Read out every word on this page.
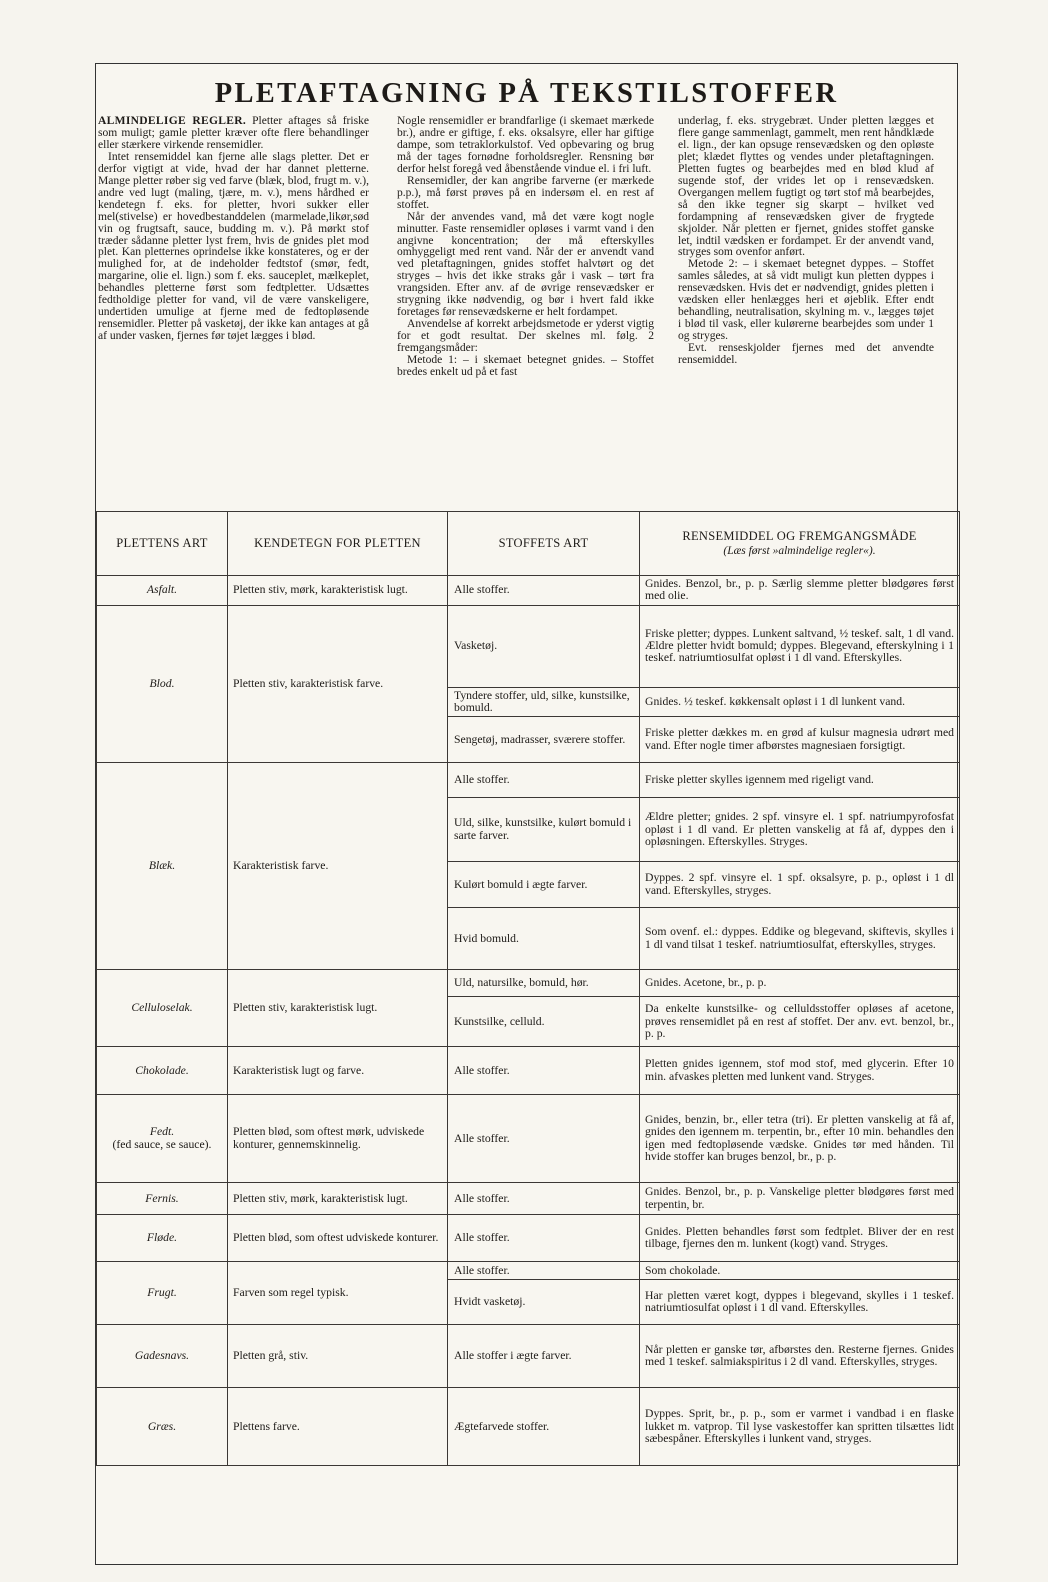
PLETAFTAGNING PÅ TEKSTILSTOFFER

ALMINDELIGE REGLER. Pletter aftages så friske som muligt; gamle pletter kræver ofte flere behandlinger eller stærkere virkende rensemidler.

Intet rensemiddel kan fjerne alle slags pletter. Det er derfor vigtigt at vide, hvad der har dannet pletterne. Mange pletter røber sig ved farve (blæk, blod, frugt m. v.), andre ved lugt (maling, tjære, m. v.), mens hårdhed er kendetegn f. eks. for pletter, hvori sukker eller mel(stivelse) er hovedbestanddelen (marmelade,likør,sød vin og frugtsaft, sauce, budding m. v.). På mørkt stof træder sådanne pletter lyst frem, hvis de gnides plet mod plet. Kan pletternes oprindelse ikke konstateres, og er der mulighed for, at de indeholder fedtstof (smør, fedt, margarine, olie el. lign.) som f. eks. sauceplet, mælkeplet, behandles pletterne først som fedtpletter. Udsættes fedtholdige pletter for vand, vil de være vanskeligere, undertiden umulige at fjerne med de fedtopløsende rensemidler. Pletter på vasketøj, der ikke kan antages at gå af under vasken, fjernes før tøjet lægges i blød.

Nogle rensemidler er brandfarlige (i skemaet mærkede br.), andre er giftige, f. eks. oksalsyre, eller har giftige dampe, som tetraklorkulstof. Ved opbevaring og brug må der tages fornødne forholdsregler. Rensning bør derfor helst foregå ved åbenstående vindue el. i fri luft.

Rensemidler, der kan angribe farverne (er mærkede p.p.), må først prøves på en indersøm el. en rest af stoffet.

Når der anvendes vand, må det være kogt nogle minutter. Faste rensemidler opløses i varmt vand i den angivne koncentration; der må efterskylles omhyggeligt med rent vand. Når der er anvendt vand ved pletaftagningen, gnides stoffet halvtørt og det stryges – hvis det ikke straks går i vask – tørt fra vrangsiden. Efter anv. af de øvrige rensevædsker er strygning ikke nødvendig, og bør i hvert fald ikke foretages før rensevædskerne er helt fordampet.

Anvendelse af korrekt arbejdsmetode er yderst vigtig for et godt resultat. Der skelnes ml. følg. 2 fremgangsmåder:

Metode 1: – i skemaet betegnet gnides. – Stoffet bredes enkelt ud på et fast

underlag, f. eks. strygebræt. Under pletten lægges et flere gange sammenlagt, gammelt, men rent håndklæde el. lign., der kan opsuge rensevædsken og den opløste plet; klædet flyttes og vendes under pletaftagningen. Pletten fugtes og bearbejdes med en blød klud af sugende stof, der vrides let op i rensevædsken. Overgangen mellem fugtigt og tørt stof må bearbejdes, så den ikke tegner sig skarpt – hvilket ved fordampning af rensevædsken giver de frygtede skjolder. Når pletten er fjernet, gnides stoffet ganske let, indtil vædsken er fordampet. Er der anvendt vand, stryges som ovenfor anført.

Metode 2: – i skemaet betegnet dyppes. – Stoffet samles således, at så vidt muligt kun pletten dyppes i rensevædsken. Hvis det er nødvendigt, gnides pletten i vædsken eller henlægges heri et øjeblik. Efter endt behandling, neutralisation, skylning m. v., lægges tøjet i blød til vask, eller kulørerne bearbejdes som under 1 og stryges.

Evt. renseskjolder fjernes med det anvendte rensemiddel.

PLETTENS ART	KENDETEGN FOR PLETTEN	STOFFETS ART	RENSEMIDDEL OG FREMGANGSMÅDE
(Læs først »almindelige regler«).

Asfalt.	Pletten stiv, mørk, karakteristisk lugt.	Alle stoffer.	Gnides. Benzol, br., p. p. Særlig slemme pletter blødgøres først med olie.
Blod.	Pletten stiv, karakteristisk farve.	Vasketøj.	Friske pletter; dyppes. Lunkent saltvand, ½ teskef. salt, 1 dl vand. Ældre pletter hvidt bomuld; dyppes. Blegevand, efterskylning i 1 teskef. natriumtiosulfat opløst i 1 dl vand. Efterskylles.
		Tyndere stoffer, uld, silke, kunstsilke, bomuld.	Gnides. ½ teskef. køkkensalt opløst i 1 dl lunkent vand.
		Sengetøj, madrasser, sværere stoffer.	Friske pletter dækkes m. en grød af kulsur magnesia udrørt med vand. Efter nogle timer afbørstes magnesiaen forsigtigt.
Blæk.	Karakteristisk farve.	Alle stoffer.	Friske pletter skylles igennem med rigeligt vand.
		Uld, silke, kunstsilke, kulørt bomuld i sarte farver.	Ældre pletter; gnides. 2 spf. vinsyre el. 1 spf. natriumpyrofosfat opløst i 1 dl vand. Er pletten vanskelig at få af, dyppes den i opløsningen. Efterskylles. Stryges.
		Kulørt bomuld i ægte farver.	Dyppes. 2 spf. vinsyre el. 1 spf. oksalsyre, p. p., opløst i 1 dl vand. Efterskylles, stryges.
		Hvid bomuld.	Som ovenf. el.: dyppes. Eddike og blegevand, skiftevis, skylles i 1 dl vand tilsat 1 teskef. natriumtiosulfat, efterskylles, stryges.
Celluloselak.	Pletten stiv, karakteristisk lugt.	Uld, natursilke, bomuld, hør.	Gnides. Acetone, br., p. p.
		Kunstsilke, celluld.	Da enkelte kunstsilke- og celluldsstoffer opløses af acetone, prøves rensemidlet på en rest af stoffet. Der anv. evt. benzol, br., p. p.
Chokolade.	Karakteristisk lugt og farve.	Alle stoffer.	Pletten gnides igennem, stof mod stof, med glycerin. Efter 10 min. afvaskes pletten med lunkent vand. Stryges.
Fedt.
(fed sauce, se sauce).	Pletten blød, som oftest mørk, udviskede konturer, gennemskinnelig.	Alle stoffer.	Gnides, benzin, br., eller tetra (tri). Er pletten vanskelig at få af, gnides den igennem m. terpentin, br., efter 10 min. behandles den igen med fedtopløsende vædske. Gnides tør med hånden. Til hvide stoffer kan bruges benzol, br., p. p.
Fernis.	Pletten stiv, mørk, karakteristisk lugt.	Alle stoffer.	Gnides. Benzol, br., p. p. Vanskelige pletter blødgøres først med terpentin, br.
Fløde.	Pletten blød, som oftest udviskede konturer.	Alle stoffer.	Gnides. Pletten behandles først som fedtplet. Bliver der en rest tilbage, fjernes den m. lunkent (kogt) vand. Stryges.
Frugt.	Farven som regel typisk.	Alle stoffer.	Som chokolade.
		Hvidt vasketøj.	Har pletten været kogt, dyppes i blegevand, skylles i 1 teskef. natriumtiosulfat opløst i 1 dl vand. Efterskylles.
Gadesnavs.	Pletten grå, stiv.	Alle stoffer i ægte farver.	Når pletten er ganske tør, afbørstes den. Resterne fjernes. Gnides med 1 teskef. salmiakspiritus i 2 dl vand. Efterskylles, stryges.
Græs.	Plettens farve.	Ægtefarvede stoffer.	Dyppes. Sprit, br., p. p., som er varmet i vandbad i en flaske lukket m. vatprop. Til lyse vaskestoffer kan spritten tilsættes lidt sæbespåner. Efterskylles i lunkent vand, stryges.
